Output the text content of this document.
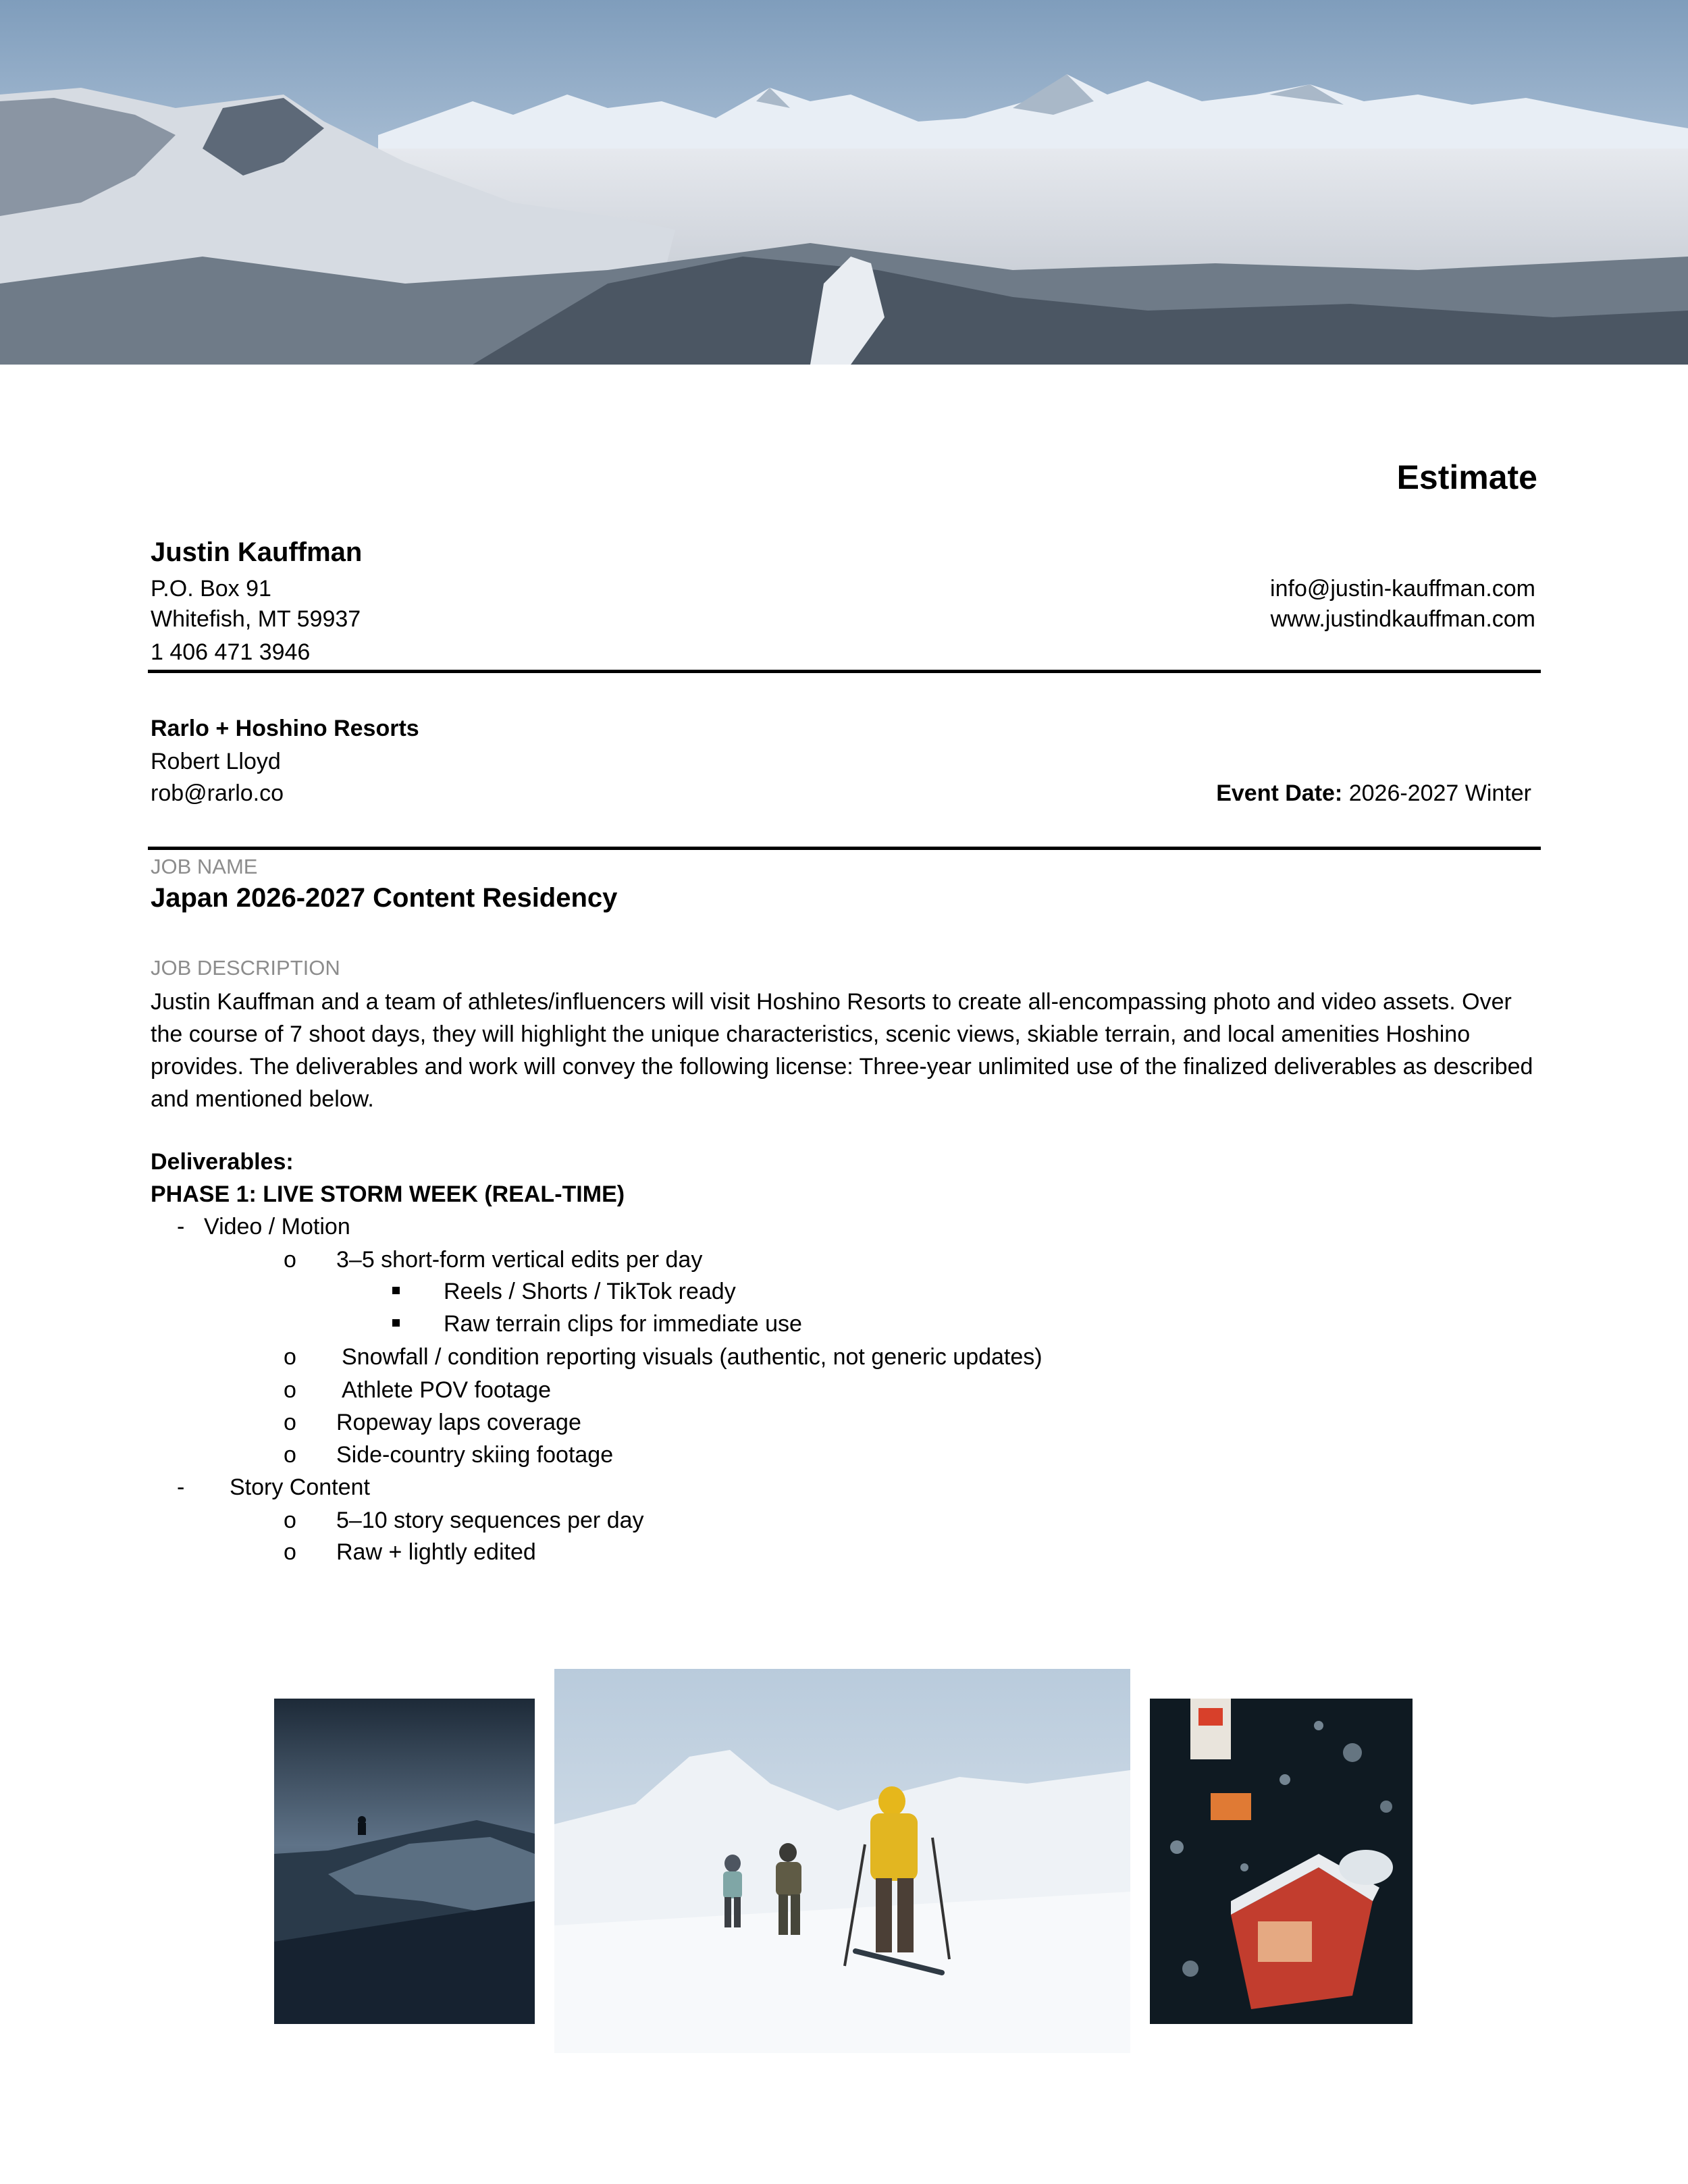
Estimate
Justin Kauffman
P.O. Box 91
Whitefish, MT 59937
1 406 471 3946
info@justin-kauffman.com
www.justindkauffman.com
Rarlo + Hoshino Resorts
Robert Lloyd
rob@rarlo.co	Event Date: 2026-2027 Winter
JOB NAME
Japan 2026-2027 Content Residency
JOB DESCRIPTION
Justin Kauffman and a team of athletes/influencers will visit Hoshino Resorts to create all-encompassing photo and video assets. Over the course of 7 shoot days, they will highlight the unique characteristics, scenic views, skiable terrain, and local amenities Hoshino provides. The deliverables and work will convey the following license: Three-year unlimited use of the finalized deliverables as described and mentioned below.
Deliverables:
PHASE 1: LIVE STORM WEEK (REAL-TIME)
- Video / Motion
o 3–5 short-form vertical edits per day
Reels / Shorts / TikTok ready
Raw terrain clips for immediate use
o Snowfall / condition reporting visuals (authentic, not generic updates)
o Athlete POV footage
o Ropeway laps coverage
o Side-country skiing footage
- Story Content
o 5–10 story sequences per day
o Raw + lightly edited
